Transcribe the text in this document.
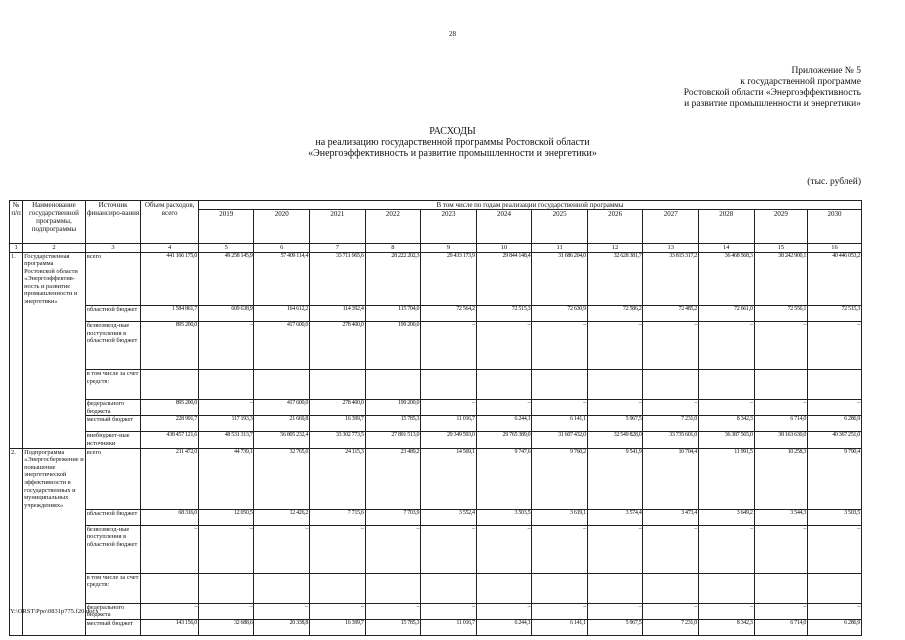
28
Приложение № 5
к государственной программе
Ростовской области «Энергоэффективность
и развитие промышленности и энергетики»
РАСХОДЫ
на реализацию государственной программы Ростовской области
«Энергоэффективность и развитие промышленности и энергетики»
(тыс. рублей)
№ п/п	Наименование государственной программы, подпрограммы	Источник финансиро-вания	Объем расходов, всего	В том числе по годам реализации государственной программы											
				2019	2020	2021	2022	2023	2024	2025	2026	2027	2028	2029	2030
1	2	3	4	5	6	7	8	9	10	11	12	13	14	15	16
1.	Государственная программа Ростовской области «Энергоэффектив-ность и развитие промышленности и энергетики»	всего	441 166 175,0	49 258 145,9	57 409 114,4	33 711 965,6	28 222 202,3	29 433 173,9	29 844 148,4	31 686 204,0	32 628 381,7	33 815 317,2	36 468 568,3	38 242 900,1	40 446 053,2
		областной бюджет	1 584 861,7	609 638,9	164 612,2	114 392,4	115 704,0	72 564,2	72 515,3	72 630,9	72 586,2	72 485,2	72 661,0	72 556,1	72 515,3
		безвозмезд-ные поступления в областной бюджет	895 200,0	–	417 600,0	278 400,0	199 200,0	–	–	–	–	–	–	–	–
		в том числе за счет средств:													
		федерального бюджета	895 200,0	–	417 600,0	278 400,0	199 200,0	–	–	–	–	–	–	–	–
		местный бюджет	228 991,7	117 193,3	21 669,8	16 399,7	15 785,3	11 016,7	6 244,1	6 141,1	5 967,5	7 231,0	8 342,3	6 714,0	6 286,9
		внебюджет-ные источники	438 457 121,6	48 531 313,7	56 805 232,4	33 302 773,5	27 891 513,0	29 349 593,0	29 765 389,0	31 607 432,0	32 549 828,0	33 735 601,0	36 387 565,0	38 163 630,0	40 367 251,0
2.	Подпрограмма «Энергосбережение и повышение энергетической эффективности в государственных и муниципальных учреждениях»	всего	211 472,0	44 739,1	32 765,0	24 115,3	23 489,2	14 569,1	9 747,6	9 760,2	9 541,9	10 704,4	11 991,5	10 258,3	9 790,4
		областной бюджет	68 316,0	12 050,5	12 426,2	7 715,6	7 703,9	3 552,4	3 503,5	3 619,1	3 574,4	3 473,4	3 649,2	3 544,3	3 503,5
		безвозмезд-ные поступления в областной бюджет	–	–	–	–	–	–	–	–	–	–	–	–	–
		в том числе за счет средств:													
		федерального бюджета	–	–	–	–	–	–	–	–	–	–	–	–	–
		местный бюджет	143 156,0	32 688,6	20 338,8	16 399,7	15 785,3	11 016,7	6 244,1	6 141,1	5 967,5	7 231,0	8 342,3	6 714,0	6 286,9
Y:\ORST\Ppo\0831p775.f20.docx
